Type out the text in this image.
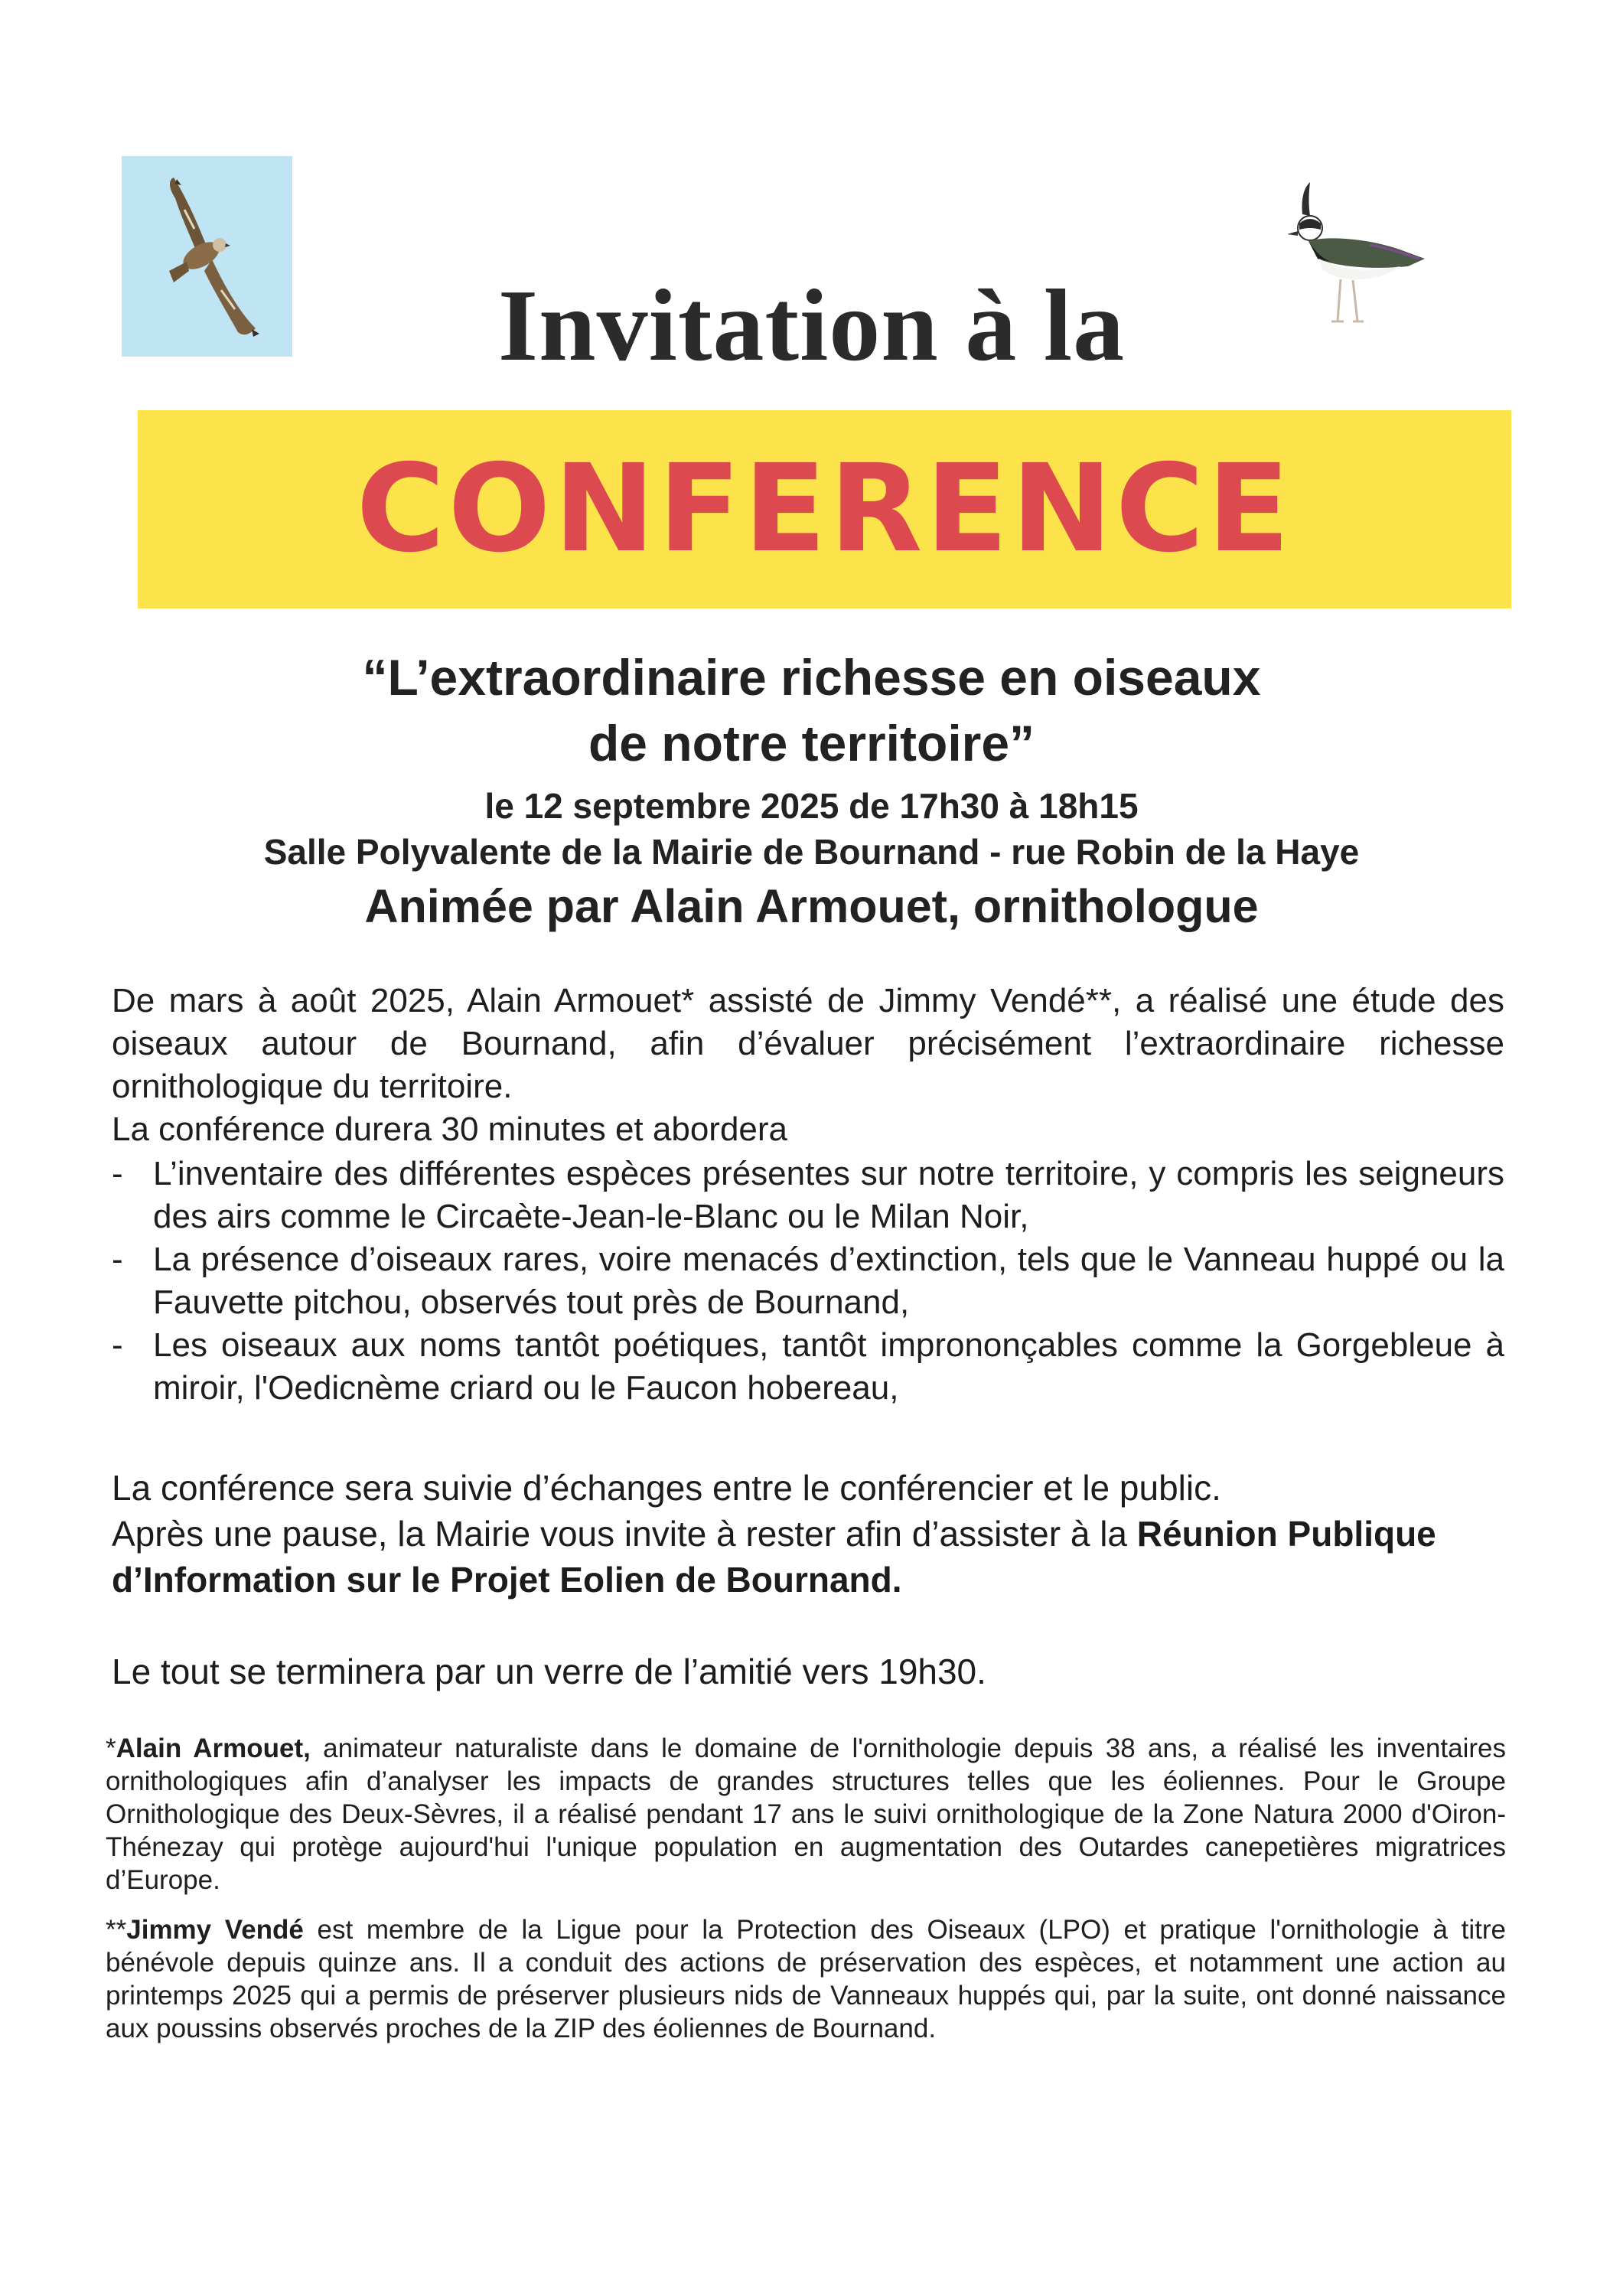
Invitation à la
CONFERENCE
“L’extraordinaire richesse en oiseaux
de notre territoire”
le 12 septembre 2025 de 17h30 à 18h15
Salle Polyvalente de la Mairie de Bournand - rue Robin de la Haye
Animée par Alain Armouet, ornithologue
De mars à août 2025, Alain Armouet* assisté de Jimmy Vendé**, a réalisé une étude des oiseaux autour de Bournand, afin d’évaluer précisément l’extraordinaire richesse ornithologique du territoire.
La conférence durera 30 minutes et abordera
- L’inventaire des différentes espèces présentes sur notre territoire, y compris les seigneurs des airs comme le Circaète-Jean-le-Blanc ou le Milan Noir,
- La présence d’oiseaux rares, voire menacés d’extinction, tels que le Vanneau huppé ou la Fauvette pitchou, observés tout près de Bournand,
- Les oiseaux aux noms tantôt poétiques, tantôt imprononçables comme la Gorgebleue à miroir, l'Oedicnème criard ou le Faucon hobereau,
La conférence sera suivie d’échanges entre le conférencier et le public.
Après une pause, la Mairie vous invite à rester afin d’assister à la Réunion Publique d’Information sur le Projet Eolien de Bournand.
Le tout se terminera par un verre de l’amitié vers 19h30.
*Alain Armouet, animateur naturaliste dans le domaine de l'ornithologie depuis 38 ans, a réalisé les inventaires ornithologiques afin d’analyser les impacts de grandes structures telles que les éoliennes. Pour le Groupe Ornithologique des Deux-Sèvres, il a réalisé pendant 17 ans le suivi ornithologique de la Zone Natura 2000 d'Oiron-Thénezay qui protège aujourd'hui l'unique population en augmentation des Outardes canepetières migratrices d’Europe.
**Jimmy Vendé est membre de la Ligue pour la Protection des Oiseaux (LPO) et pratique l'ornithologie à titre bénévole depuis quinze ans. Il a conduit des actions de préservation des espèces, et notamment une action au printemps 2025 qui a permis de préserver plusieurs nids de Vanneaux huppés qui, par la suite, ont donné naissance aux poussins observés proches de la ZIP des éoliennes de Bournand.
